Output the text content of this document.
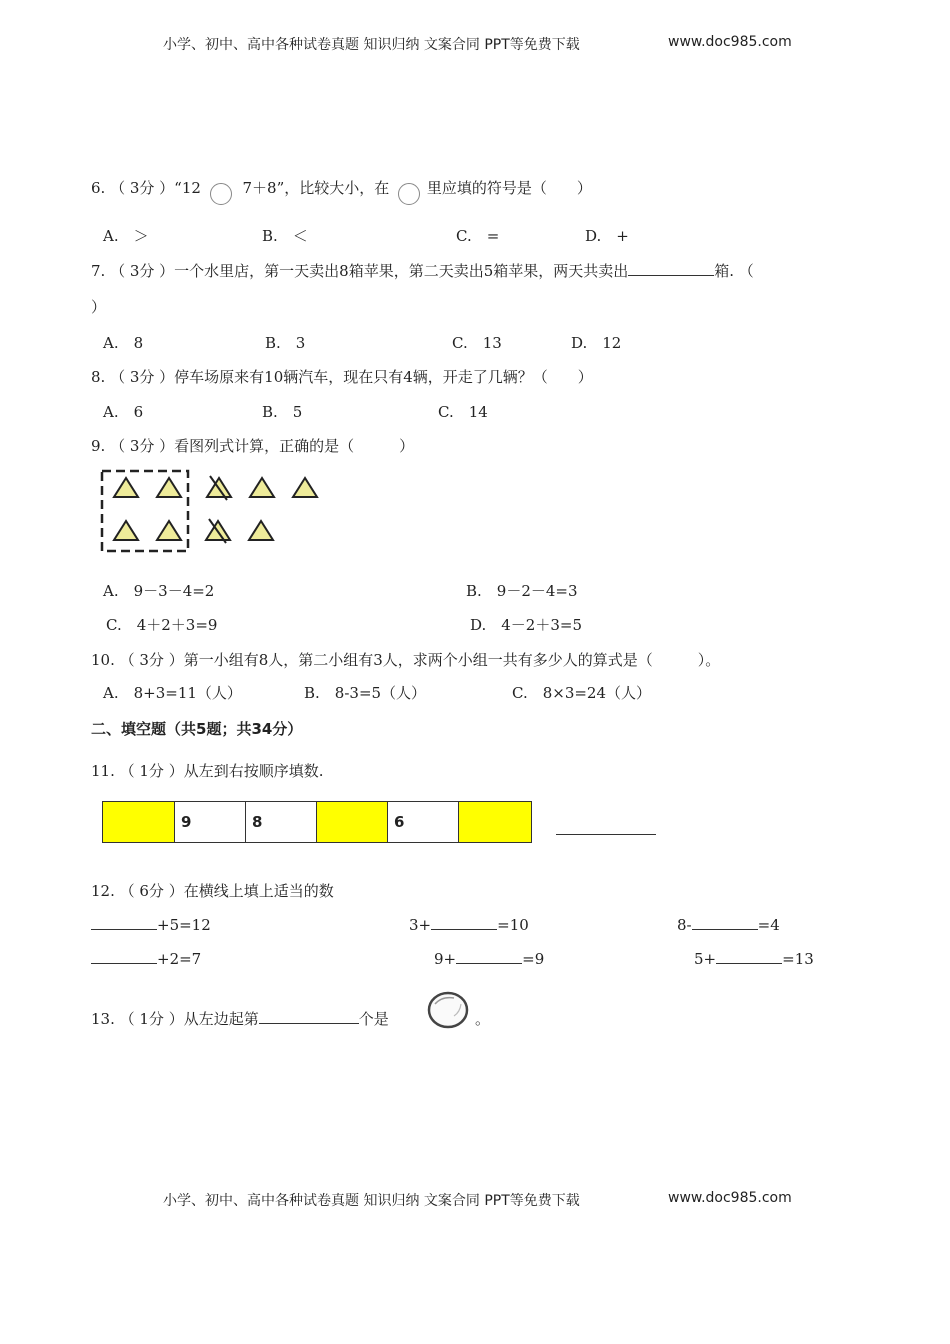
小学、初中、高中各种试卷真题 知识归纳 文案合同 PPT等免费下载	www.doc985.com
6. （ 3分 ）“12	7＋8”，比较大小，在	里应填的符号是（　　）
A.　＞	B.　＜	C.　=	D.　+
7. （ 3分 ）一个水里店，第一天卖出8箱苹果，第二天卖出5箱苹果，两天共卖出	箱. （
）
A.　8	B.　3	C.　13	D.　12
8. （ 3分 ）停车场原来有10辆汽车，现在只有4辆，开走了几辆？（　　）
A.　6	B.　5	C.　14
9. （ 3分 ）看图列式计算，正确的是（　　　）
A.　9－3－4=2	B.　9－2－4=3
C.　4＋2＋3=9	D.　4－2＋3=5
10. （ 3分 ）第一小组有8人，第二小组有3人，求两个小组一共有多少人的算式是（　　　）。
A.　8+3=11（人）	B.　8-3=5（人）	C.　8×3=24（人）
二、填空题（共5题；共34分）
11. （ 1分 ）从左到右按顺序填数.
9	8	6
12. （ 6分 ）在横线上填上适当的数
+5=12	3+	=10	8-	=4
+2=7	9+	=9	5+	=13
13. （ 1分 ）从左边起第	个是	。
小学、初中、高中各种试卷真题 知识归纳 文案合同 PPT等免费下载	www.doc985.com
